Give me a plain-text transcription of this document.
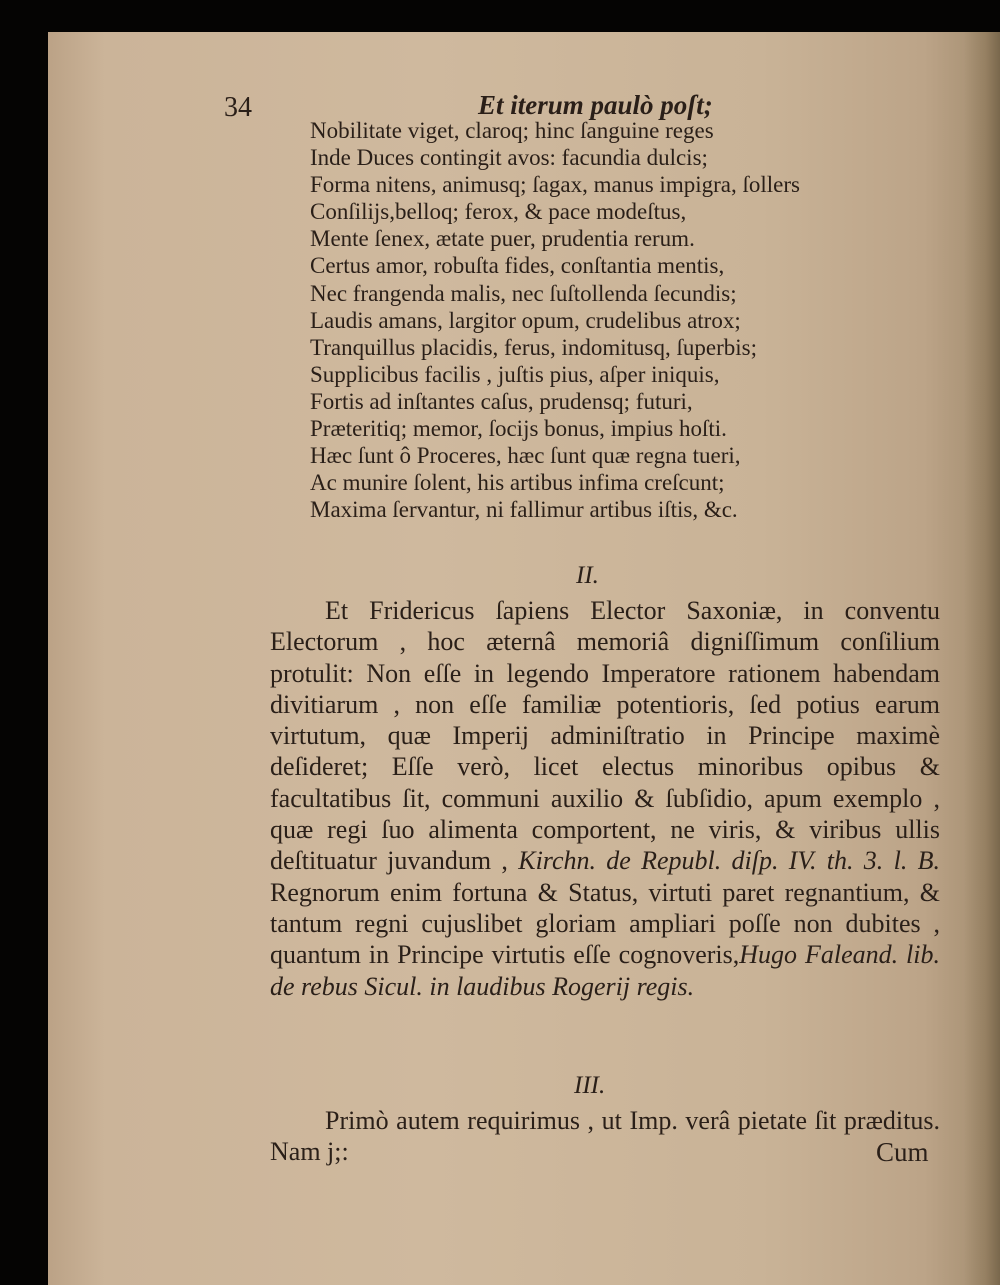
34	Et iterum paulò poſt;
Nobilitate viget, claroq; hinc ſanguine reges
Inde Duces contingit avos: facundia dulcis;
Forma nitens, animusq; ſagax, manus impigra, ſollers
Conſilijs,belloq; ferox, & pace modeſtus,
Mente ſenex, ætate puer, prudentia rerum.
Certus amor, robuſta fides, conſtantia mentis,
Nec frangenda malis, nec ſuſtollenda ſecundis;
Laudis amans, largitor opum, crudelibus atrox;
Tranquillus placidis, ferus, indomitusq, ſuperbis;
Supplicibus facilis , juſtis pius, aſper iniquis,
Fortis ad inſtantes caſus, prudensq; futuri,
Præteritiq; memor, ſocijs bonus, impius hoſti.
Hæc ſunt ô Proceres, hæc ſunt quæ regna tueri,
Ac munire ſolent, his artibus infima creſcunt;
Maxima ſervantur, ni fallimur artibus iſtis, &c.
II.
Et Fridericus ſapiens Elector Saxoniæ, in conventu Electorum , hoc æternâ memoriâ digniſſimum conſilium protulit: Non eſſe in legendo Imperatore rationem habendam divitiarum , non eſſe familiæ potentioris, ſed potius earum virtutum, quæ Imperij adminiſtratio in Principe maximè deſideret; Eſſe verò, licet electus minoribus opibus & facultatibus ſit, communi auxilio & ſubſidio, apum exemplo , quæ regi ſuo alimenta comportent, ne viris, & viribus ullis deſtituatur juvandum , Kirchn. de Republ. diſp. IV. th. 3. l. B. Regnorum enim fortuna & Status, virtuti paret regnantium, & tantum regni cujuslibet gloriam ampliari poſſe non dubites , quantum in Principe virtutis eſſe cognoveris,Hugo Faleand. lib. de rebus Sicul. in laudibus Rogerij regis.
III.
Primò autem requirimus , ut Imp. verâ pietate ſit præditus. Nam j;:	Cum
